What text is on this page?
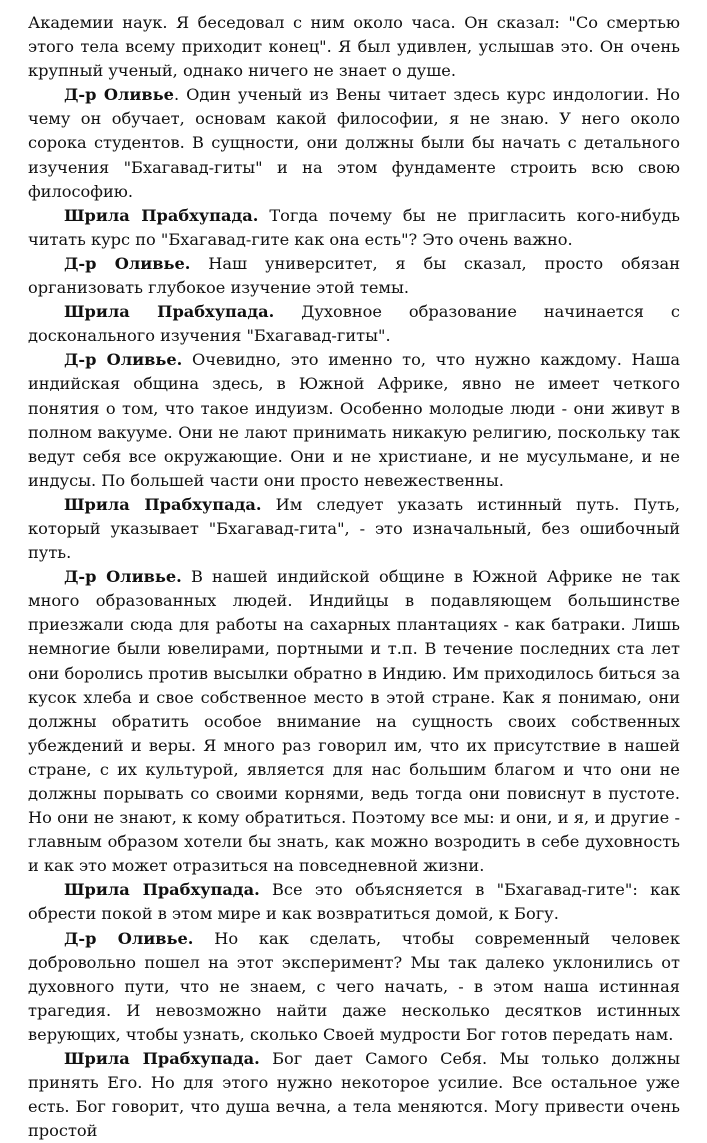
Академии наук. Я беседовал с ним около часа. Он сказал: "Со смертью этого тела всему приходит конец". Я был удивлен, услышав это. Он очень крупный ученый, однако ничего не знает о душе.

Д-р Оливье. Один ученый из Вены читает здесь курс индологии. Но чему он обучает, основам какой философии, я не знаю. У него около сорока студентов. В сущности, они должны были бы начать с детального изучения "Бхагавад-гиты" и на этом фундаменте строить всю свою философию.

Шрила Прабхупада. Тогда почему бы не пригласить кого-нибудь читать курс по "Бхагавад-гите как она есть"? Это очень важно.

Д-р Оливье. Наш университет, я бы сказал, просто обязан организовать глубокое изучение этой темы.

Шрила Прабхупада. Духовное образование начинается с досконального изучения "Бхагавад-гиты".

Д-р Оливье. Очевидно, это именно то, что нужно каждому. Наша индийская община здесь, в Южной Африке, явно не имеет четкого понятия о том, что такое индуизм. Особенно молодые люди - они живут в полном вакууме. Они не лают принимать никакую религию, поскольку так ведут себя все окружающие. Они и не христиане, и не мусульмане, и не индусы. По большей части они просто невежественны.

Шрила Прабхупада. Им следует указать истинный путь. Путь, который указывает "Бхагавад-гита", - это изначальный, без ошибочный путь.

Д-р Оливье. В нашей индийской общине в Южной Африке не так много образованных людей. Индийцы в подавляющем большинстве приезжали сюда для работы на сахарных плантациях - как батраки. Лишь немногие были ювелирами, портными и т.п. В течение последних ста лет они боролись против высылки обратно в Индию. Им приходилось биться за кусок хлеба и свое собственное место в этой стране. Как я понимаю, они должны обратить особое внимание на сущность своих собственных убеждений и веры. Я много раз говорил им, что их присутствие в нашей стране, с их культурой, является для нас большим благом и что они не должны порывать со своими корнями, ведь тогда они повиснут в пустоте. Но они не знают, к кому обратиться. Поэтому все мы: и они, и я, и другие - главным образом хотели бы знать, как можно возродить в себе духовность и как это может отразиться на повседневной жизни.

Шрила Прабхупада. Все это объясняется в "Бхагавад-гите": как обрести покой в этом мире и как возвратиться домой, к Богу.

Д-р Оливье. Но как сделать, чтобы современный человек добровольно пошел на этот эксперимент? Мы так далеко уклонились от духовного пути, что не знаем, с чего начать, - в этом наша истинная трагедия. И невозможно найти даже несколько десятков истинных верующих, чтобы узнать, сколько Своей мудрости Бог готов передать нам.

Шрила Прабхупада. Бог дает Самого Себя. Мы только должны принять Его. Но для этого нужно некоторое усилие. Все остальное уже есть. Бог говорит, что душа вечна, а тела меняются. Могу привести очень простой
